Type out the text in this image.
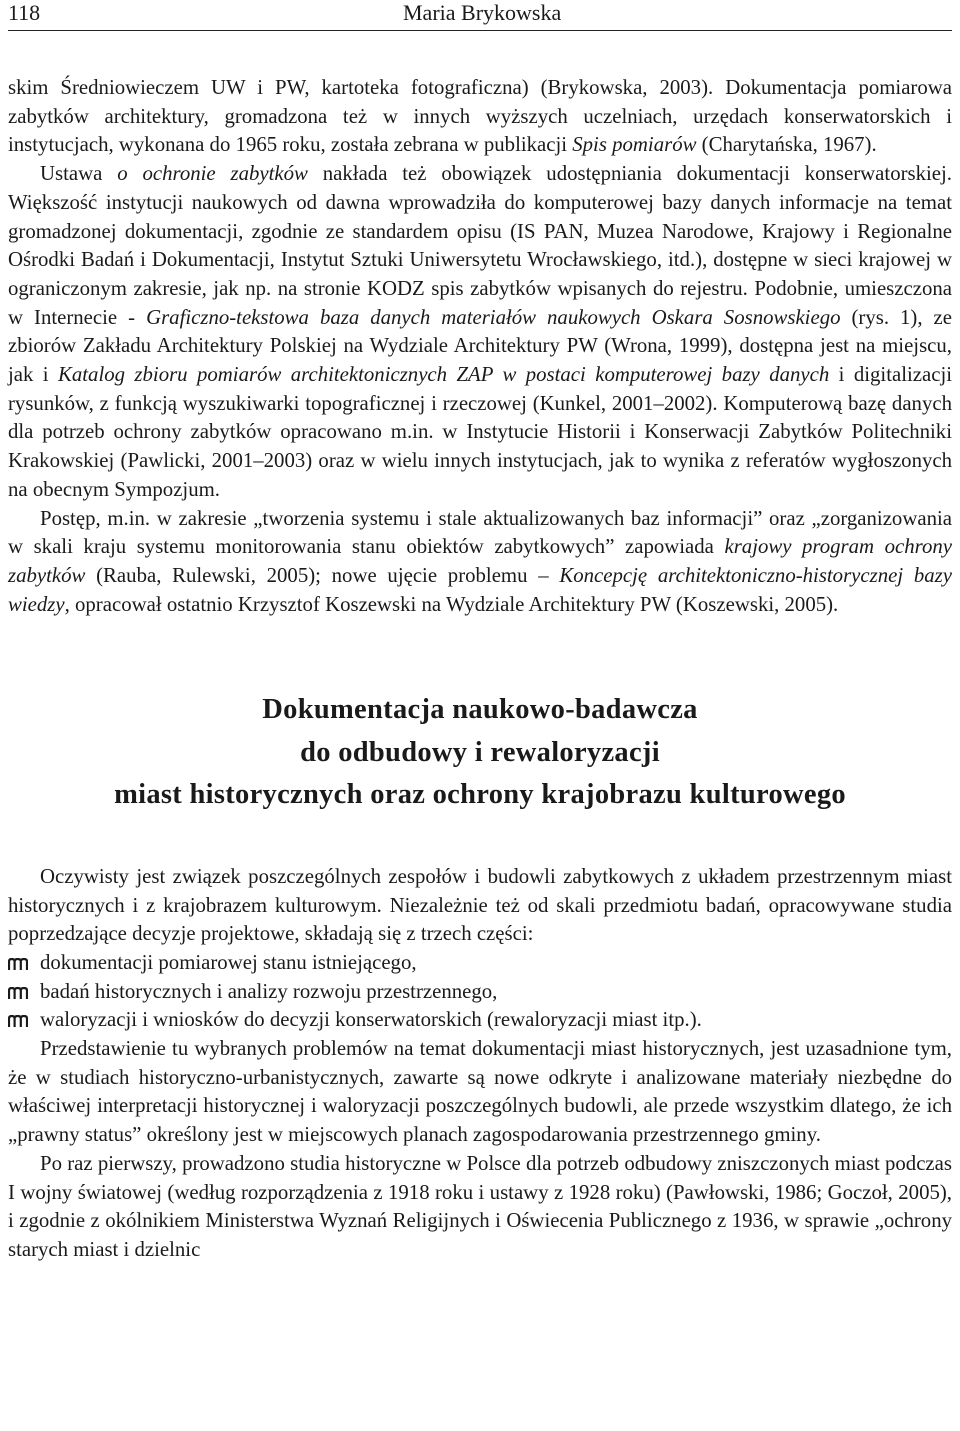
118	Maria Brykowska

skim Średniowieczem UW i PW, kartoteka fotograficzna) (Brykowska, 2003). Dokumentacja pomiarowa zabytków architektury, gromadzona też w innych wyższych uczelniach, urzędach konserwatorskich i instytucjach, wykonana do 1965 roku, została zebrana w publikacji Spis pomiarów (Charytańska, 1967).

Ustawa o ochronie zabytków nakłada też obowiązek udostępniania dokumentacji konserwatorskiej. Większość instytucji naukowych od dawna wprowadziła do komputerowej bazy danych informacje na temat gromadzonej dokumentacji, zgodnie ze standardem opisu (IS PAN, Muzea Narodowe, Krajowy i Regionalne Ośrodki Badań i Dokumentacji, Instytut Sztuki Uniwersytetu Wrocławskiego, itd.), dostępne w sieci krajowej w ograniczonym zakresie, jak np. na stronie KODZ spis zabytków wpisanych do rejestru. Podobnie, umieszczona w Internecie - Graficzno-tekstowa baza danych materiałów naukowych Oskara Sosnowskiego (rys. 1), ze zbiorów Zakładu Architektury Polskiej na Wydziale Architektury PW (Wrona, 1999), dostępna jest na miejscu, jak i Katalog zbioru pomiarów architektonicznych ZAP w postaci komputerowej bazy danych i digitalizacji rysunków, z funkcją wyszukiwarki topograficznej i rzeczowej (Kunkel, 2001–2002). Komputerową bazę danych dla potrzeb ochrony zabytków opracowano m.in. w Instytucie Historii i Konserwacji Zabytków Politechniki Krakowskiej (Pawlicki, 2001–2003) oraz w wielu innych instytucjach, jak to wynika z referatów wygłoszonych na obecnym Sympozjum.

Postęp, m.in. w zakresie „tworzenia systemu i stale aktualizowanych baz informacji” oraz „zorganizowania w skali kraju systemu monitorowania stanu obiektów zabytkowych” zapowiada krajowy program ochrony zabytków (Rauba, Rulewski, 2005); nowe ujęcie problemu – Koncepcję architektoniczno-historycznej bazy wiedzy, opracował ostatnio Krzysztof Koszewski na Wydziale Architektury PW (Koszewski, 2005).

Dokumentacja naukowo-badawcza
do odbudowy i rewaloryzacji
miast historycznych oraz ochrony krajobrazu kulturowego

Oczywisty jest związek poszczególnych zespołów i budowli zabytkowych z układem przestrzennym miast historycznych i z krajobrazem kulturowym. Niezależnie też od skali przedmiotu badań, opracowywane studia poprzedzające decyzje projektowe, składają się z trzech części:

dokumentacji pomiarowej stanu istniejącego,
badań historycznych i analizy rozwoju przestrzennego,
waloryzacji i wniosków do decyzji konserwatorskich (rewaloryzacji miast itp.).

Przedstawienie tu wybranych problemów na temat dokumentacji miast historycznych, jest uzasadnione tym, że w studiach historyczno-urbanistycznych, zawarte są nowe odkryte i analizowane materiały niezbędne do właściwej interpretacji historycznej i waloryzacji poszczególnych budowli, ale przede wszystkim dlatego, że ich „prawny status” określony jest w miejscowych planach zagospodarowania przestrzennego gminy.

Po raz pierwszy, prowadzono studia historyczne w Polsce dla potrzeb odbudowy zniszczonych miast podczas I wojny światowej (według rozporządzenia z 1918 roku i ustawy z 1928 roku) (Pawłowski, 1986; Goczoł, 2005), i zgodnie z okólnikiem Ministerstwa Wyznań Religijnych i Oświecenia Publicznego z 1936, w sprawie „ochrony starych miast i dzielnic
